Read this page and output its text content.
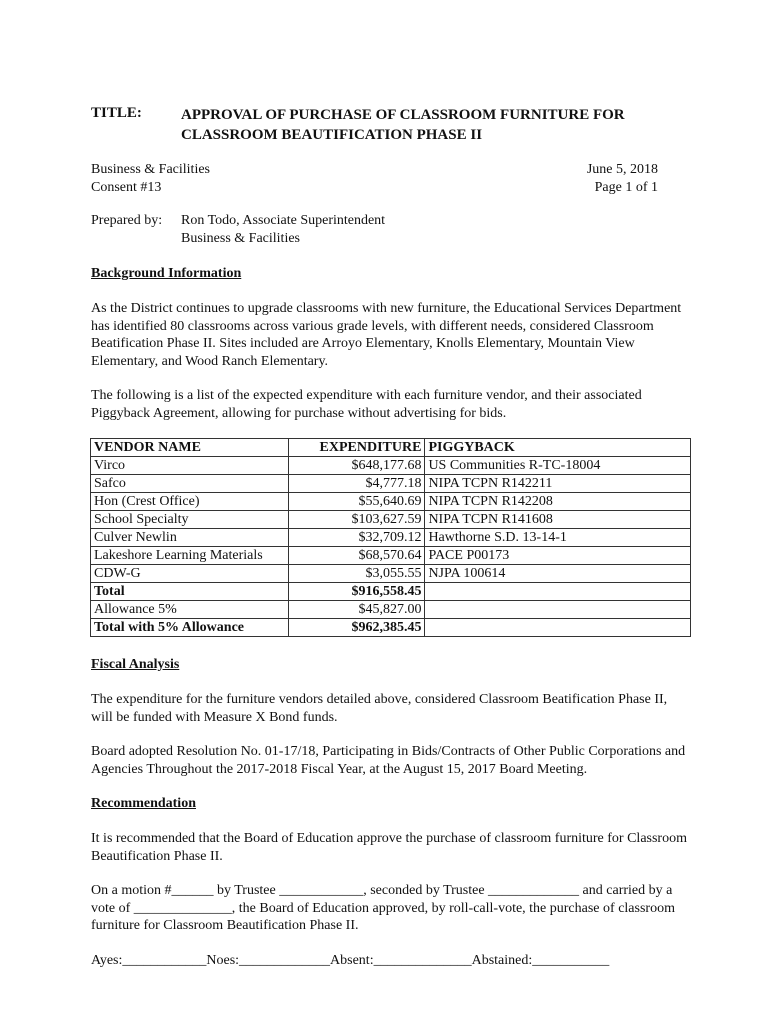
TITLE:	APPROVAL OF PURCHASE OF CLASSROOM FURNITURE FOR
CLASSROOM BEAUTIFICATION PHASE II
Business & Facilities
Consent #13
June 5, 2018
Page 1 of 1
Prepared by: Ron Todo, Associate Superintendent
Business & Facilities
Background Information
As the District continues to upgrade classrooms with new furniture, the Educational Services Department has identified 80 classrooms across various grade levels, with different needs, considered Classroom Beatification Phase II. Sites included are Arroyo Elementary, Knolls Elementary, Mountain View Elementary, and Wood Ranch Elementary.
The following is a list of the expected expenditure with each furniture vendor, and their associated Piggyback Agreement, allowing for purchase without advertising for bids.
VENDOR NAME	EXPENDITURE	PIGGYBACK
Virco	$648,177.68	US Communities R-TC-18004
Safco	$4,777.18	NIPA TCPN R142211
Hon (Crest Office)	$55,640.69	NIPA TCPN R142208
School Specialty	$103,627.59	NIPA TCPN R141608
Culver Newlin	$32,709.12	Hawthorne S.D. 13-14-1
Lakeshore Learning Materials	$68,570.64	PACE P00173
CDW-G	$3,055.55	NJPA 100614
Total	$916,558.45	
Allowance 5%	$45,827.00	
Total with 5% Allowance	$962,385.45	
Fiscal Analysis
The expenditure for the furniture vendors detailed above, considered Classroom Beatification Phase II, will be funded with Measure X Bond funds.
Board adopted Resolution No. 01-17/18, Participating in Bids/Contracts of Other Public Corporations and Agencies Throughout the 2017-2018 Fiscal Year, at the August 15, 2017 Board Meeting.
Recommendation
It is recommended that the Board of Education approve the purchase of classroom furniture for Classroom Beautification Phase II.
On a motion #______ by Trustee ____________, seconded by Trustee _____________ and carried by a vote of ______________, the Board of Education approved, by roll-call-vote, the purchase of classroom furniture for Classroom Beautification Phase II.
Ayes:____________Noes:_____________Absent:______________Abstained:___________
